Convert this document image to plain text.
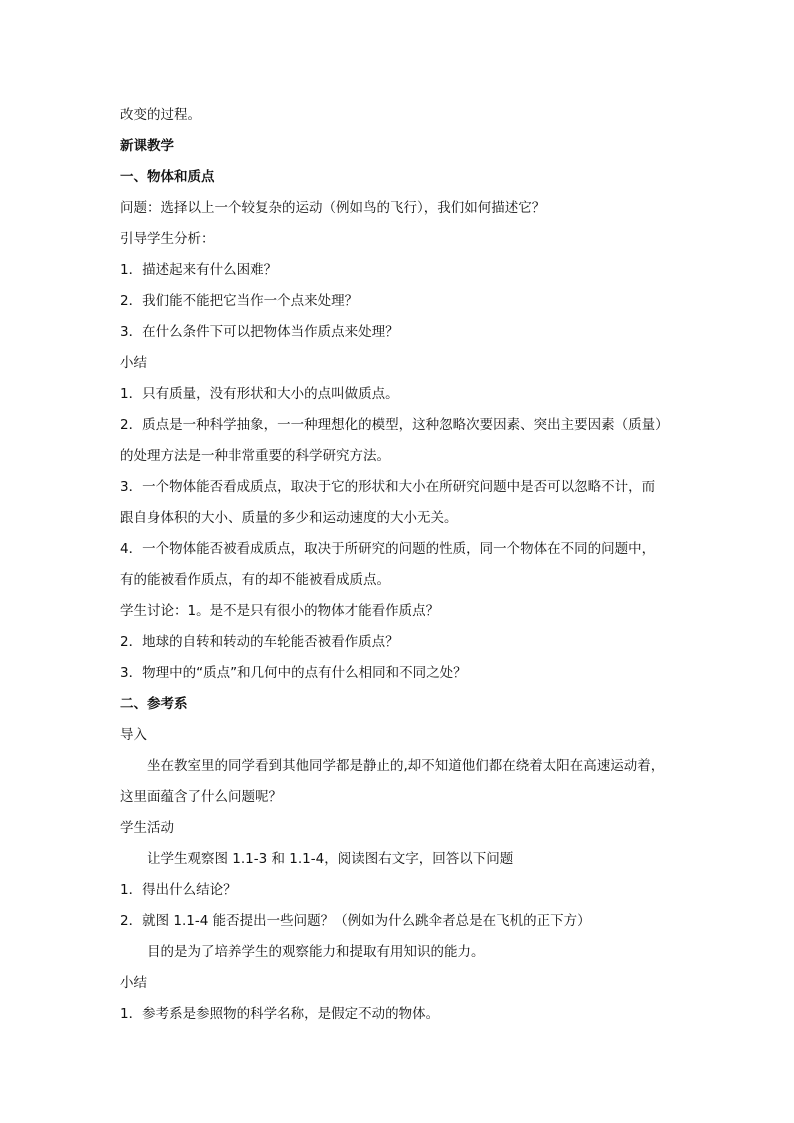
改变的过程。
新课教学
一、物体和质点
问题：选择以上一个较复杂的运动（例如鸟的飞行），我们如何描述它？
引导学生分析：
1．描述起来有什么困难？
2．我们能不能把它当作一个点来处理？
3．在什么条件下可以把物体当作质点来处理？
小结
1．只有质量，没有形状和大小的点叫做质点。
2．质点是一种科学抽象，一一种理想化的模型，这种忽略次要因素、突出主要因素（质量）
的处理方法是一种非常重要的科学研究方法。
3．一个物体能否看成质点，取决于它的形状和大小在所研究问题中是否可以忽略不计，而
跟自身体积的大小、质量的多少和运动速度的大小无关。
4．一个物体能否被看成质点，取决于所研究的问题的性质，同一个物体在不同的问题中，
有的能被看作质点，有的却不能被看成质点。
学生讨论：1。是不是只有很小的物体才能看作质点？
2．地球的自转和转动的车轮能否被看作质点？
3．物理中的“质点”和几何中的点有什么相同和不同之处？
二、参考系
导入
坐在教室里的同学看到其他同学都是静止的,却不知道他们都在绕着太阳在高速运动着，
这里面蕴含了什么问题呢？
学生活动
让学生观察图 1.1-3 和 1.1-4，阅读图右文字，回答以下问题
1．得出什么结论？
2．就图 1.1-4 能否提出一些问题？（例如为什么跳伞者总是在飞机的正下方）
目的是为了培养学生的观察能力和提取有用知识的能力。
小结
1．参考系是参照物的科学名称，是假定不动的物体。
